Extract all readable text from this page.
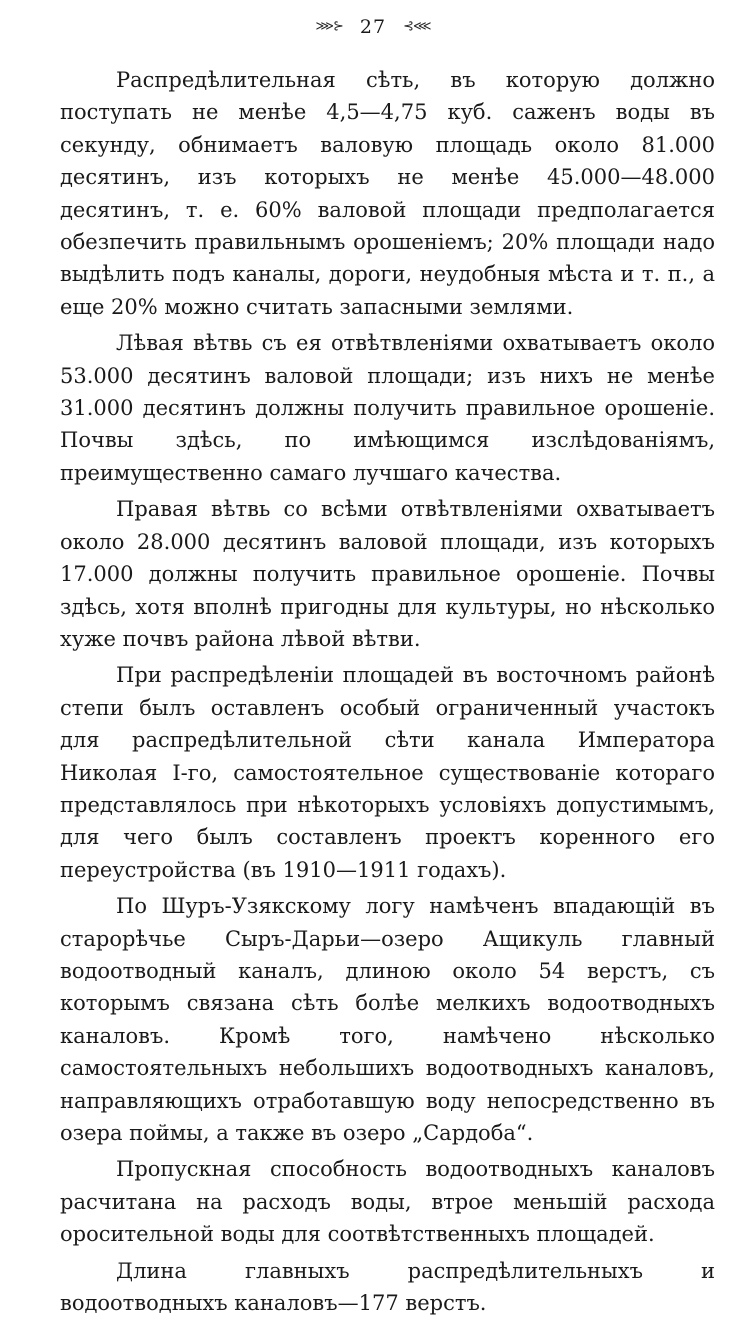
⋙⊱ 27 ⊰⋘

Распредѣлительная сѣть, въ которую должно поступать не менѣе 4,5—4,75 куб. саженъ воды въ секунду, обнимаетъ валовую площадь около 81.000 десятинъ, изъ которыхъ не менѣе 45.000—48.000 десятинъ, т. е. 60% валовой площади предполагается обезпечить правильнымъ орошеніемъ; 20% площади надо выдѣлить подъ каналы, дороги, неудобныя мѣста и т. п., а еще 20% можно считать запасными землями.

Лѣвая вѣтвь съ ея отвѣтвленіями охватываетъ около 53.000 десятинъ валовой площади; изъ нихъ не менѣе 31.000 десятинъ должны получить правильное орошеніе. Почвы здѣсь, по имѣющимся изслѣдованіямъ, преимущественно самаго лучшаго качества.

Правая вѣтвь со всѣми отвѣтвленіями охватываетъ около 28.000 десятинъ валовой площади, изъ которыхъ 17.000 должны получить правильное орошеніе. Почвы здѣсь, хотя вполнѣ пригодны для культуры, но нѣсколько хуже почвъ района лѣвой вѣтви.

При распредѣленіи площадей въ восточномъ районѣ степи былъ оставленъ особый ограниченный участокъ для распредѣлительной сѣти канала Императора Николая I-го, самостоятельное существованіе котораго представлялось при нѣкоторыхъ условіяхъ допустимымъ, для чего былъ составленъ проектъ коренного его переустройства (въ 1910—1911 годахъ).

По Шуръ-Узякскому логу намѣченъ впадающій въ старорѣчье Сыръ-Дарьи—озеро Ащикуль главный водоотводный каналъ, длиною около 54 верстъ, съ которымъ связана сѣть болѣе мелкихъ водоотводныхъ каналовъ. Кромѣ того, намѣчено нѣсколько самостоятельныхъ небольшихъ водоотводныхъ каналовъ, направляющихъ отработавшую воду непосредственно въ озера поймы, а также въ озеро „Сардоба“.

Пропускная способность водоотводныхъ каналовъ расчитана на расходъ воды, втрое меньшій расхода оросительной воды для соотвѣтственныхъ площадей.

Длина главныхъ распредѣлительныхъ и водоотводныхъ каналовъ—177 верстъ.
